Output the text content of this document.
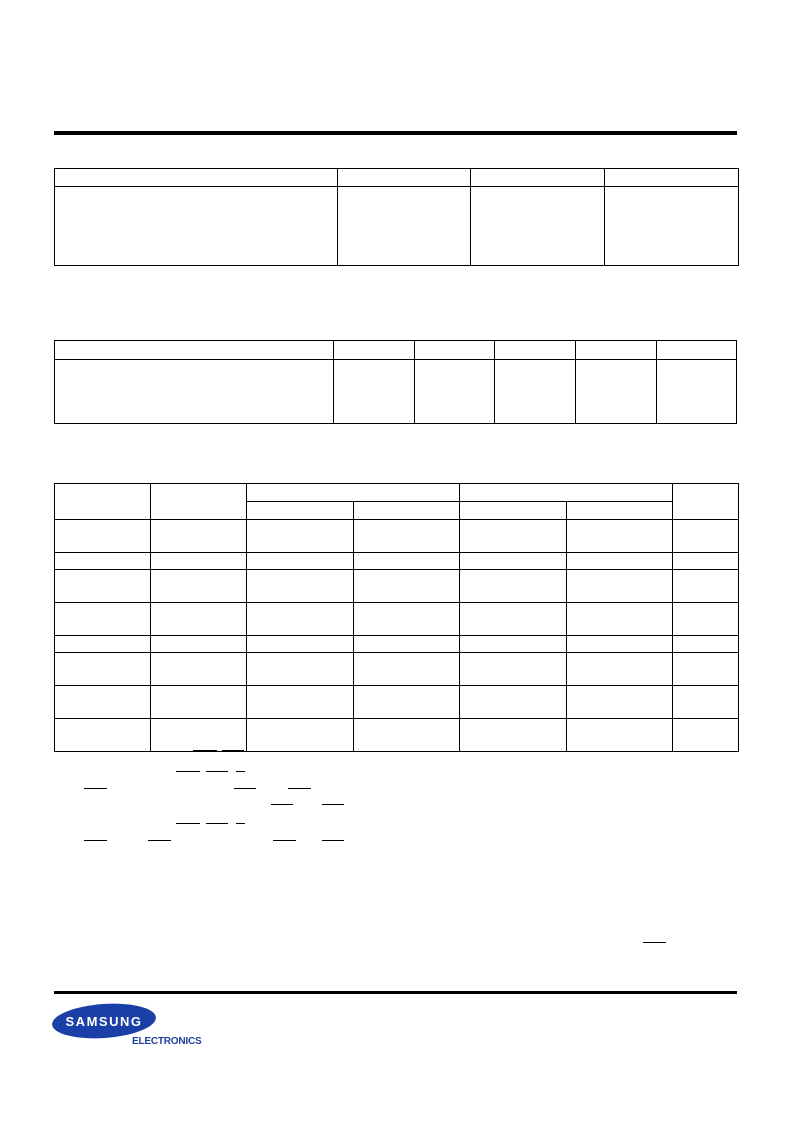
SAMSUNG
ELECTRONICS
